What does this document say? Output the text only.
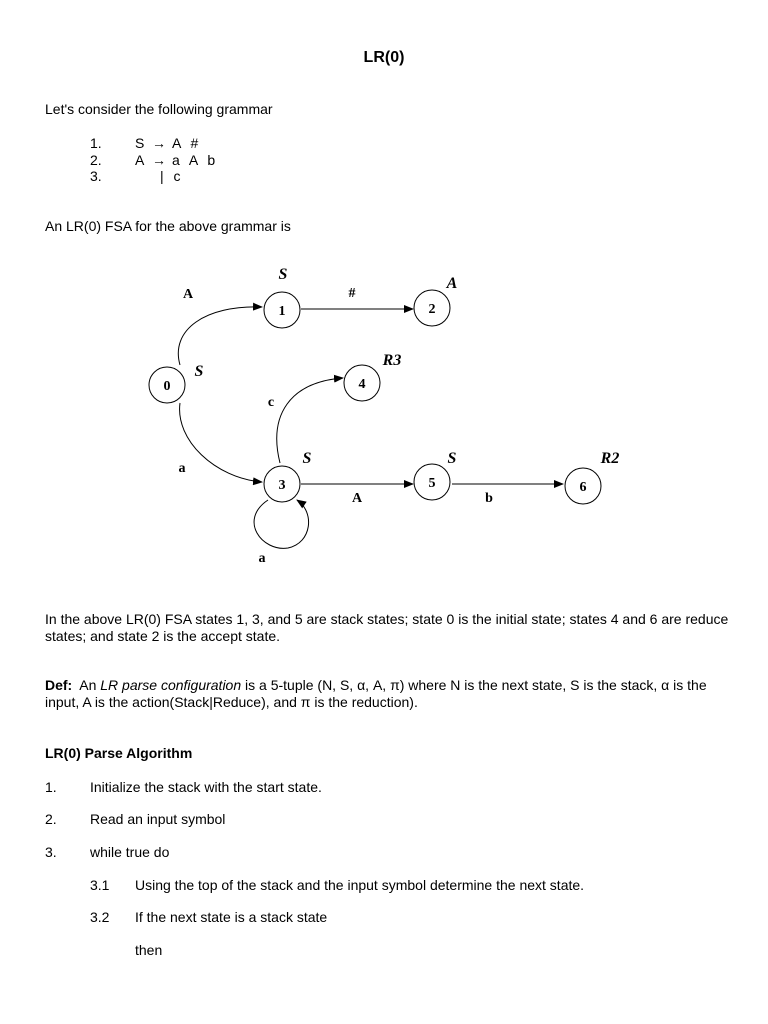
LR(0)
Let's consider the following grammar
1. S → A #
2. A → a A b
3.	| c
An LR(0) FSA for the above grammar is
0
1	2
3
4
5	6
S
A
S
R3
S	S	R2
A	#
c
a
A	b
a
In the above LR(0) FSA states 1, 3, and 5 are stack states; state 0 is the initial state; states 4 and 6 are reduce states; and state 2 is the accept state.
Def: An LR parse configuration is a 5-tuple (N, S, α, A, π) where N is the next state, S is the stack, α is the input, A is the action(Stack|Reduce), and π is the reduction).
LR(0) Parse Algorithm
1. Initialize the stack with the start state.
2. Read an input symbol
3. while true do
3.1 Using the top of the stack and the input symbol determine the next state.
3.2 If the next state is a stack state
then
